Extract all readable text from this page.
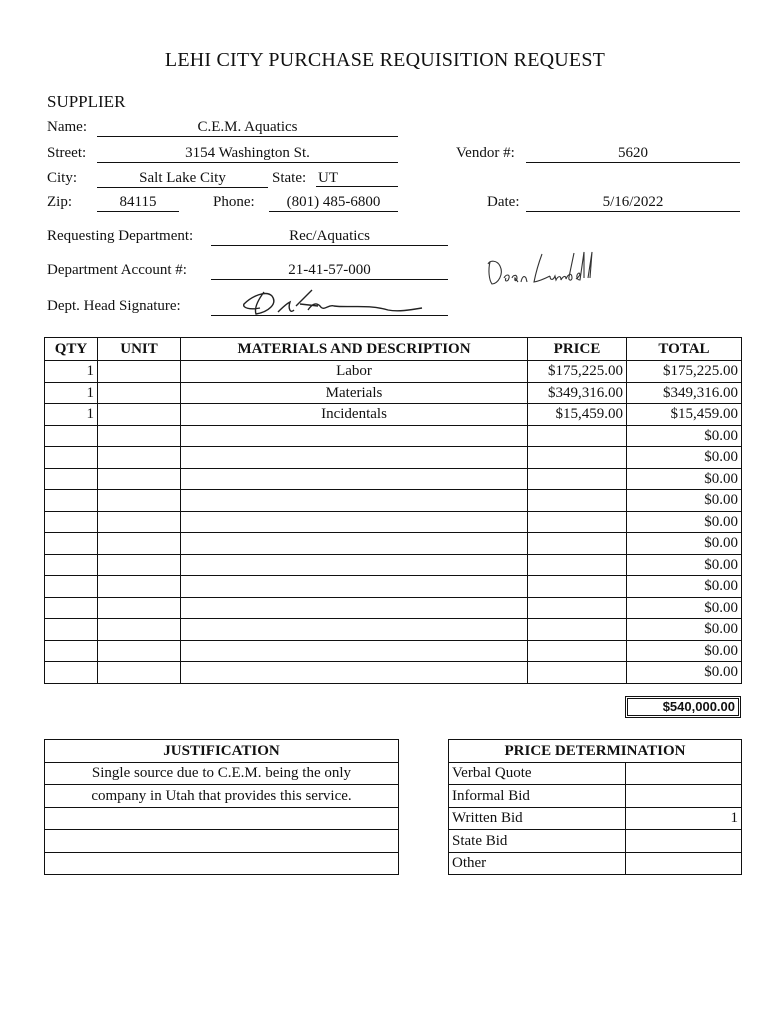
LEHI CITY PURCHASE REQUISITION REQUEST
SUPPLIER
Name:	C.E.M. Aquatics
Street:	3154 Washington St.	Vendor #:	5620
City:	Salt Lake City	State: UT
Zip:	84115	Phone:	(801) 485-6800	Date:	5/16/2022
Requesting Department:	Rec/Aquatics
Department Account #:	21-41-57-000
Dept. Head Signature:
QTY	UNIT	MATERIALS AND DESCRIPTION	PRICE	TOTAL
1		Labor	$175,225.00	$175,225.00
1		Materials	$349,316.00	$349,316.00
1		Incidentals	$15,459.00	$15,459.00
				$0.00
				$0.00
				$0.00
				$0.00
				$0.00
				$0.00
				$0.00
				$0.00
				$0.00
				$0.00
				$0.00
				$0.00
$540,000.00
JUSTIFICATION
Single source due to C.E.M. being the only
company in Utah that provides this service.

PRICE DETERMINATION	
Verbal Quote	
Informal Bid	
Written Bid	1
State Bid	
Other	
